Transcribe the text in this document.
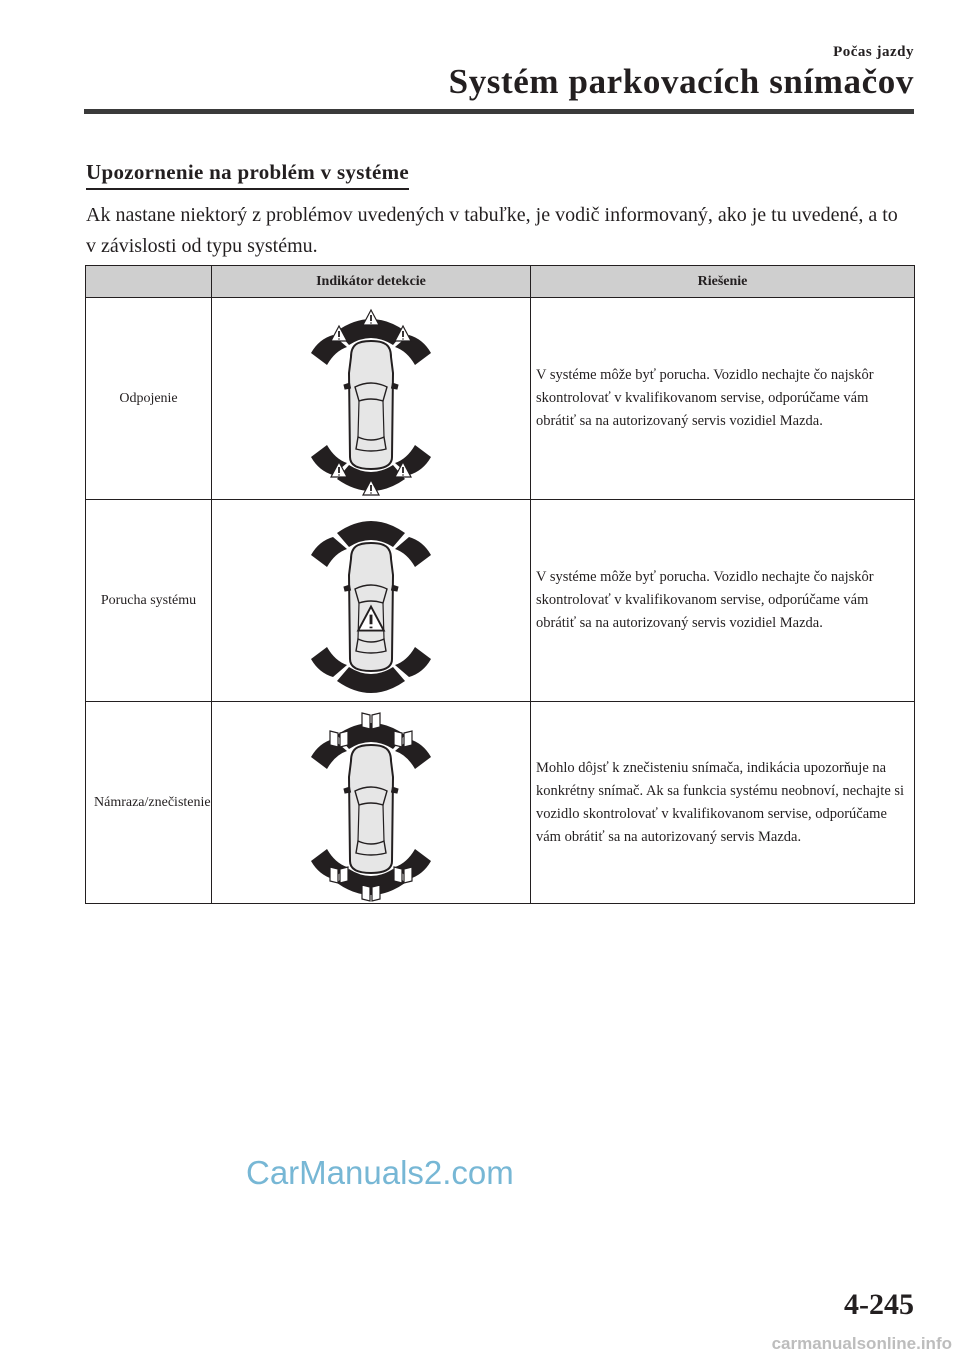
Počas jazdy
Systém parkovacích snímačov
Upozornenie na problém v systéme

Ak nastane niektorý z problémov uvedených v tabuľke, je vodič informovaný, ako je tu uvedené, a to v závislosti od typu systému.

	Indikátor detekcie	Riešenie
Odpojenie		V systéme môže byť porucha. Vozidlo nechajte čo najskôr skontrolovať v kvalifikovanom servise, odporúčame vám obrátiť sa na autorizovaný servis vozidiel Mazda.
Porucha systému		V systéme môže byť porucha. Vozidlo nechajte čo najskôr skontrolovať v kvalifikovanom servise, odporúčame vám obrátiť sa na autorizovaný servis vozidiel Mazda.
Námraza/znečistenie		Mohlo dôjsť k znečisteniu snímača, indikácia upozorňuje na konkrétny snímač. Ak sa funkcia systému neobnoví, nechajte si vozidlo skontrolovať v kvalifikovanom servise, odporúčame vám obrátiť sa na autorizovaný servis Mazda.
CarManuals2.com
4-245
carmanualsonline.info
